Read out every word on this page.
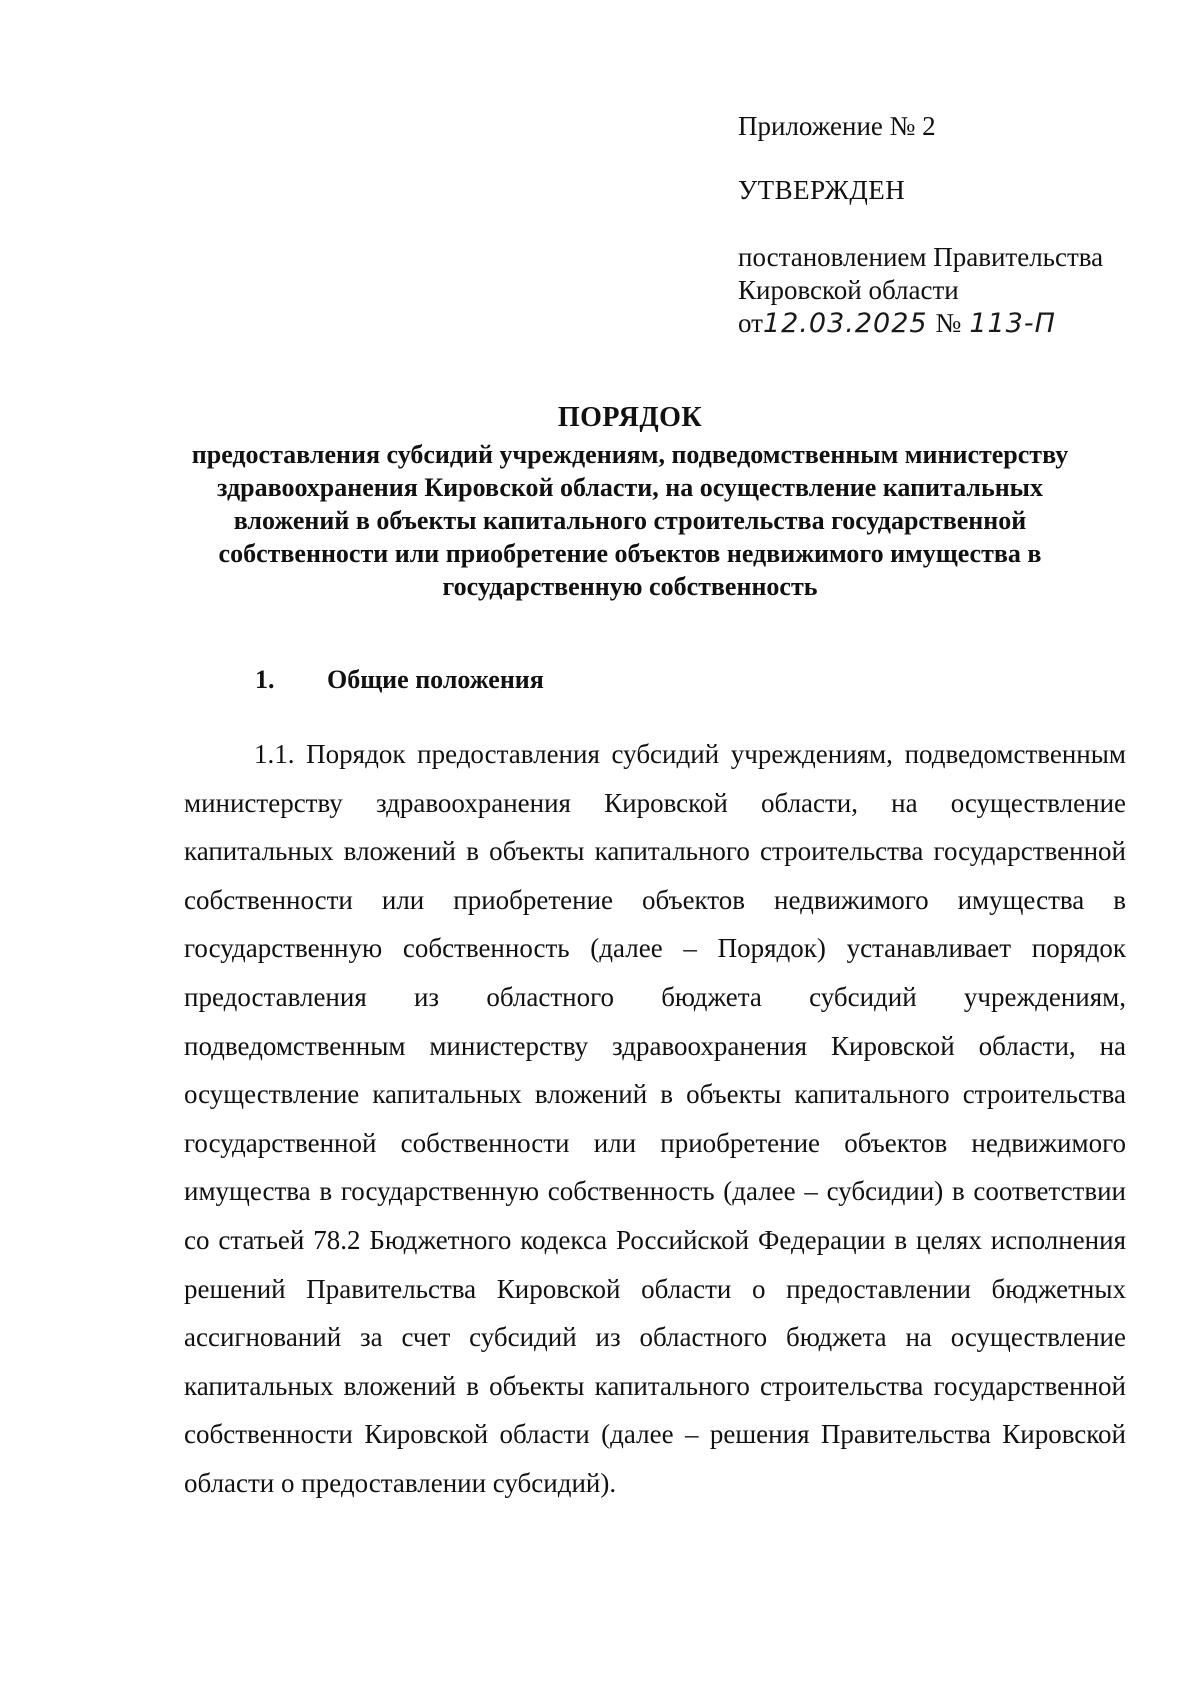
Приложение № 2

УТВЕРЖДЕН

постановлением Правительства
Кировской области
от12.03.2025 № 113-П
ПОРЯДОК
предоставления субсидий учреждениям, подведомственным министерству здравоохранения Кировской области, на осуществление капитальных вложений в объекты капитального строительства государственной собственности или приобретение объектов недвижимого имущества в государственную собственность
1. Общие положения

1.1. Порядок предоставления субсидий учреждениям, подведомственным министерству здравоохранения Кировской области, на осуществление капитальных вложений в объекты капитального строительства государственной собственности или приобретение объектов недвижимого имущества в государственную собственность (далее – Порядок) устанавливает порядок предоставления из областного бюджета субсидий учреждениям, подведомственным министерству здравоохранения Кировской области, на осуществление капитальных вложений в объекты капитального строительства государственной собственности или приобретение объектов недвижимого имущества в государственную собственность (далее – субсидии) в соответствии со статьей 78.2 Бюджетного кодекса Российской Федерации в целях исполнения решений Правительства Кировской области о предоставлении бюджетных ассигнований за счет субсидий из областного бюджета на осуществление капитальных вложений в объекты капитального строительства государственной собственности Кировской области (далее – решения Правительства Кировской области о предоставлении субсидий).
